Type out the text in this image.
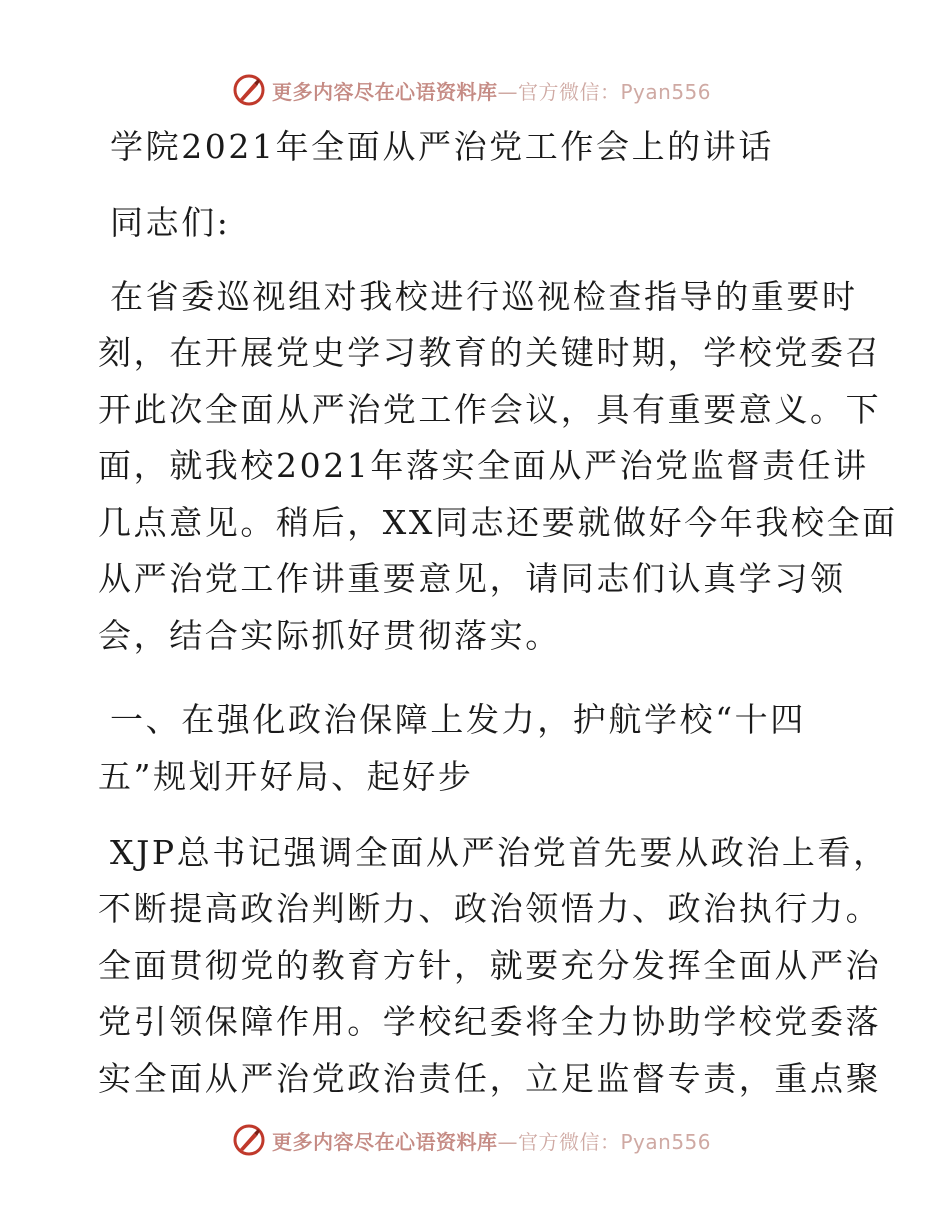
更多内容尽在心语资料库—官方微信：Pyan556
学院2021年全面从严治党工作会上的讲话
同志们:
在省委巡视组对我校进行巡视检查指导的重要时
刻，在开展党史学习教育的关键时期，学校党委召
开此次全面从严治党工作会议，具有重要意义。下
面，就我校2021年落实全面从严治党监督责任讲
几点意见。稍后，XX同志还要就做好今年我校全面
从严治党工作讲重要意见，请同志们认真学习领
会，结合实际抓好贯彻落实。
一、在强化政治保障上发力，护航学校“十四
五”规划开好局、起好步
XJP总书记强调全面从严治党首先要从政治上看，
不断提高政治判断力、政治领悟力、政治执行力。
全面贯彻党的教育方针，就要充分发挥全面从严治
党引领保障作用。学校纪委将全力协助学校党委落
实全面从严治党政治责任，立足监督专责，重点聚
更多内容尽在心语资料库—官方微信：Pyan556
